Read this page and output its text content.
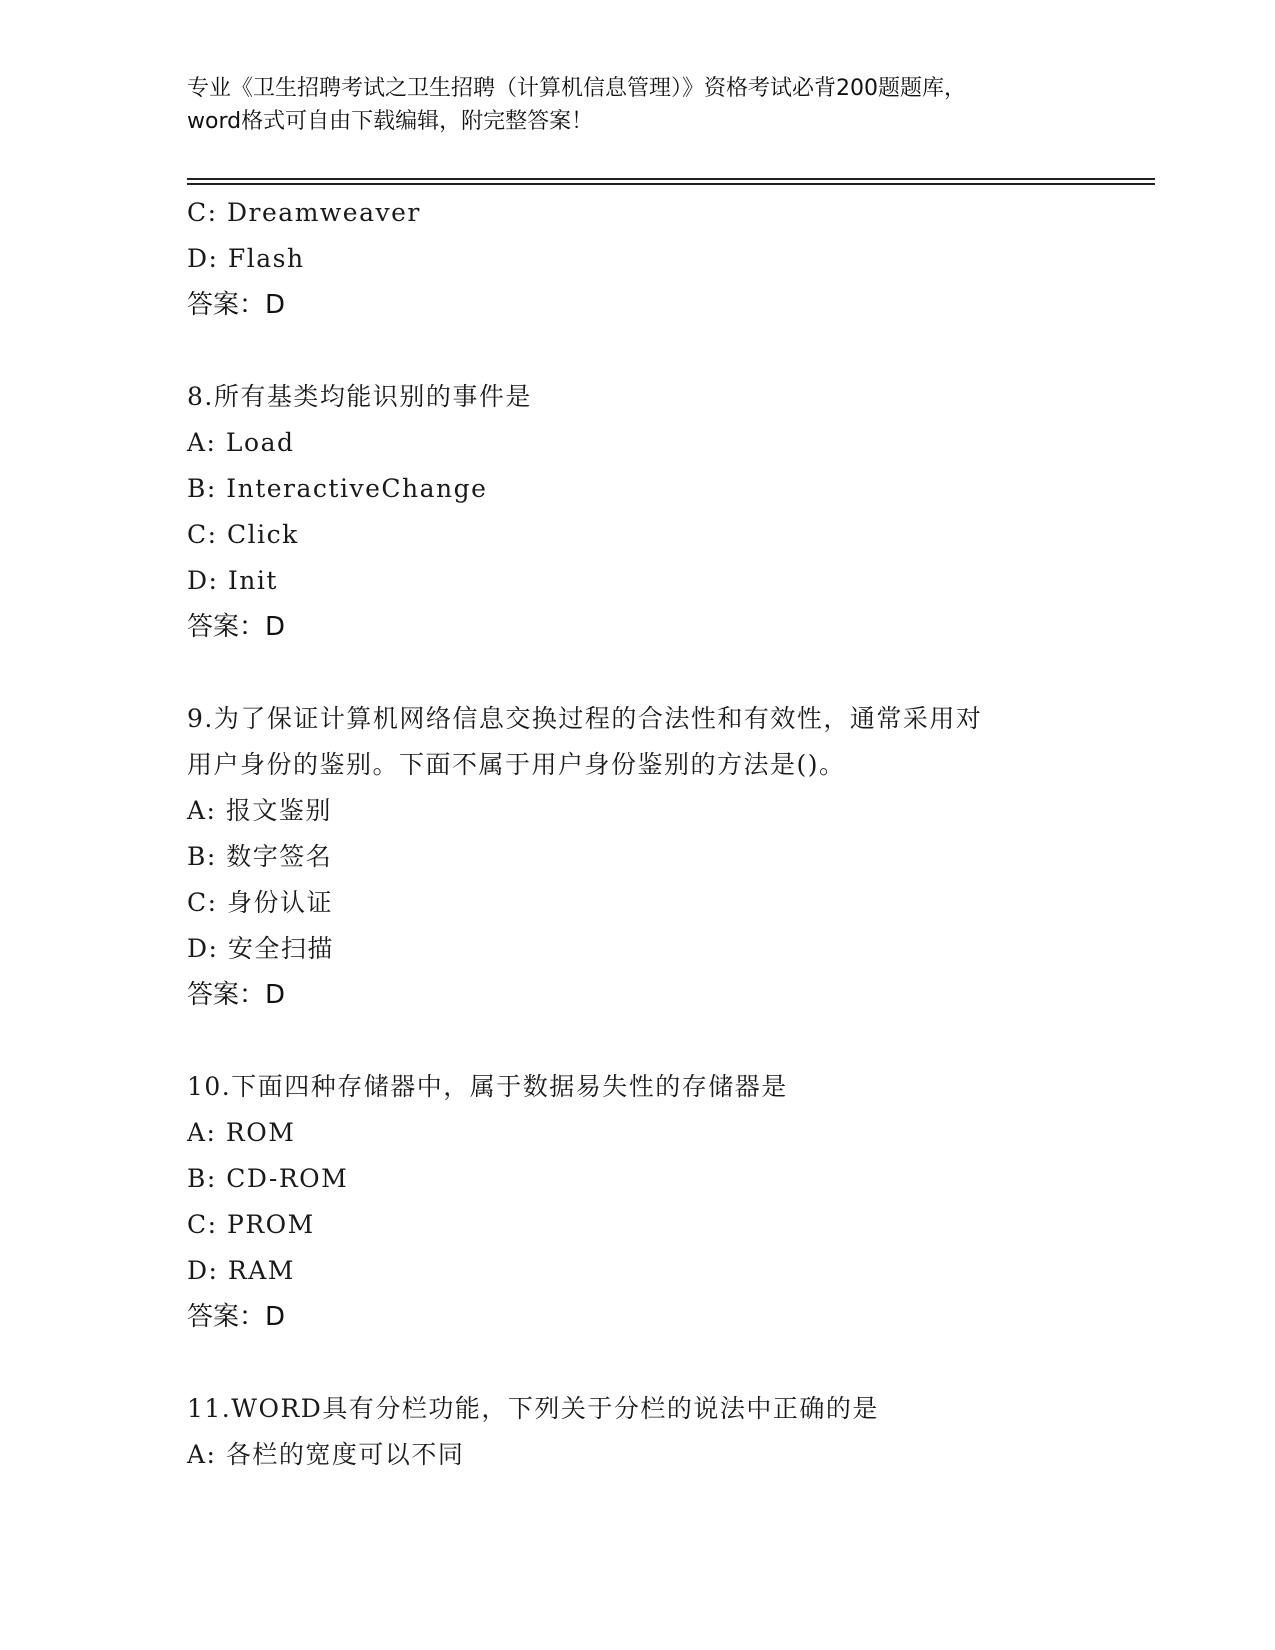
专业《卫生招聘考试之卫生招聘（计算机信息管理）》资格考试必背200题题库，
word格式可自由下载编辑，附完整答案！
C: Dreamweaver
D: Flash
答案：D
8.所有基类均能识别的事件是
A: Load
B: InteractiveChange
C: Click
D: Init
答案：D
9.为了保证计算机网络信息交换过程的合法性和有效性，通常采用对
用户身份的鉴别。下面不属于用户身份鉴别的方法是()。
A: 报文鉴别
B: 数字签名
C: 身份认证
D: 安全扫描
答案：D
10.下面四种存储器中，属于数据易失性的存储器是
A: ROM
B: CD-ROM
C: PROM
D: RAM
答案：D
11.WORD具有分栏功能，下列关于分栏的说法中正确的是
A: 各栏的宽度可以不同
